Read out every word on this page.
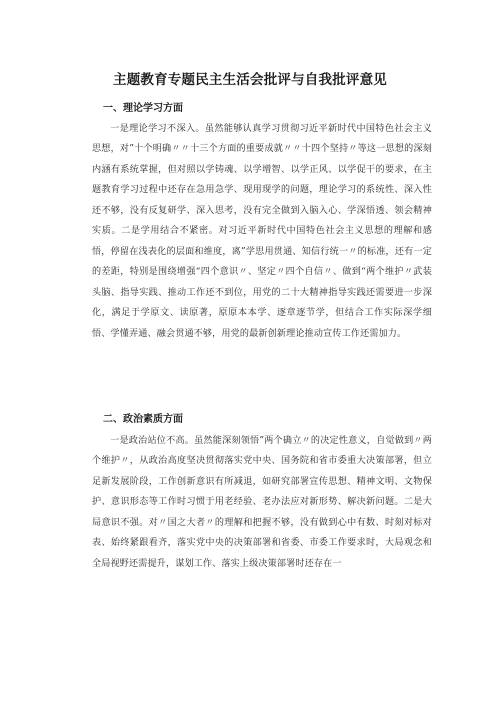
主题教育专题民主生活会批评与自我批评意见
一、理论学习方面

一是理论学习不深入。虽然能够认真学习贯彻习近平新时代中国特色社会主义思想，对”十个明确〃〃十三个方面的重要成就〃〃十四个坚持〃等这一思想的深刻内涵有系统掌握，但对照以学铸魂、以学增智、以学正风、以学促干的要求，在主题教育学习过程中还存在急用急学、现用现学的问题，理论学习的系统性、深入性还不够，没有反复研学、深入思考，没有完全做到入脑入心、学深悟透、领会精神实质。二是学用结合不紧密。对习近平新时代中国特色社会主义思想的理解和感悟，停留在浅表化的层面和维度，离”学思用贯通、知信行统一〃的标准，还有一定的差距，特别是围绕增强“四个意识〃、坚定〃四个自信〃、做到“两个维护〃武装头脑、指导实践、推动工作还不到位，用党的二十大精神指导实践还需要进一步深化，满足于学原文、读原著，原原本本学、逐章逐节学，但结合工作实际深学细悟、学懂弄通、融会贯通不够，用党的最新创新理论推动宣传工作还需加力。

二、政治素质方面

一是政治站位不高。虽然能深刻领悟”两个确立〃的决定性意义，自觉做到〃两个维护〃，从政治高度坚决贯彻落实党中央、国务院和省市委重大决策部署，但立足新发展阶段，工作创新意识有所减退，如研究部署宣传思想、精神文明、文物保护、意识形态等工作时习惯于用老经验、老办法应对新形势、解决新问题。二是大局意识不强。对〃国之大者〃的理解和把握不够，没有做到心中有数、时刻对标对表、始终紧跟看齐，落实党中央的决策部署和省委、市委工作要求时，大局观念和全局视野还需提升，谋划工作、落实上级决策部署时还存在一
